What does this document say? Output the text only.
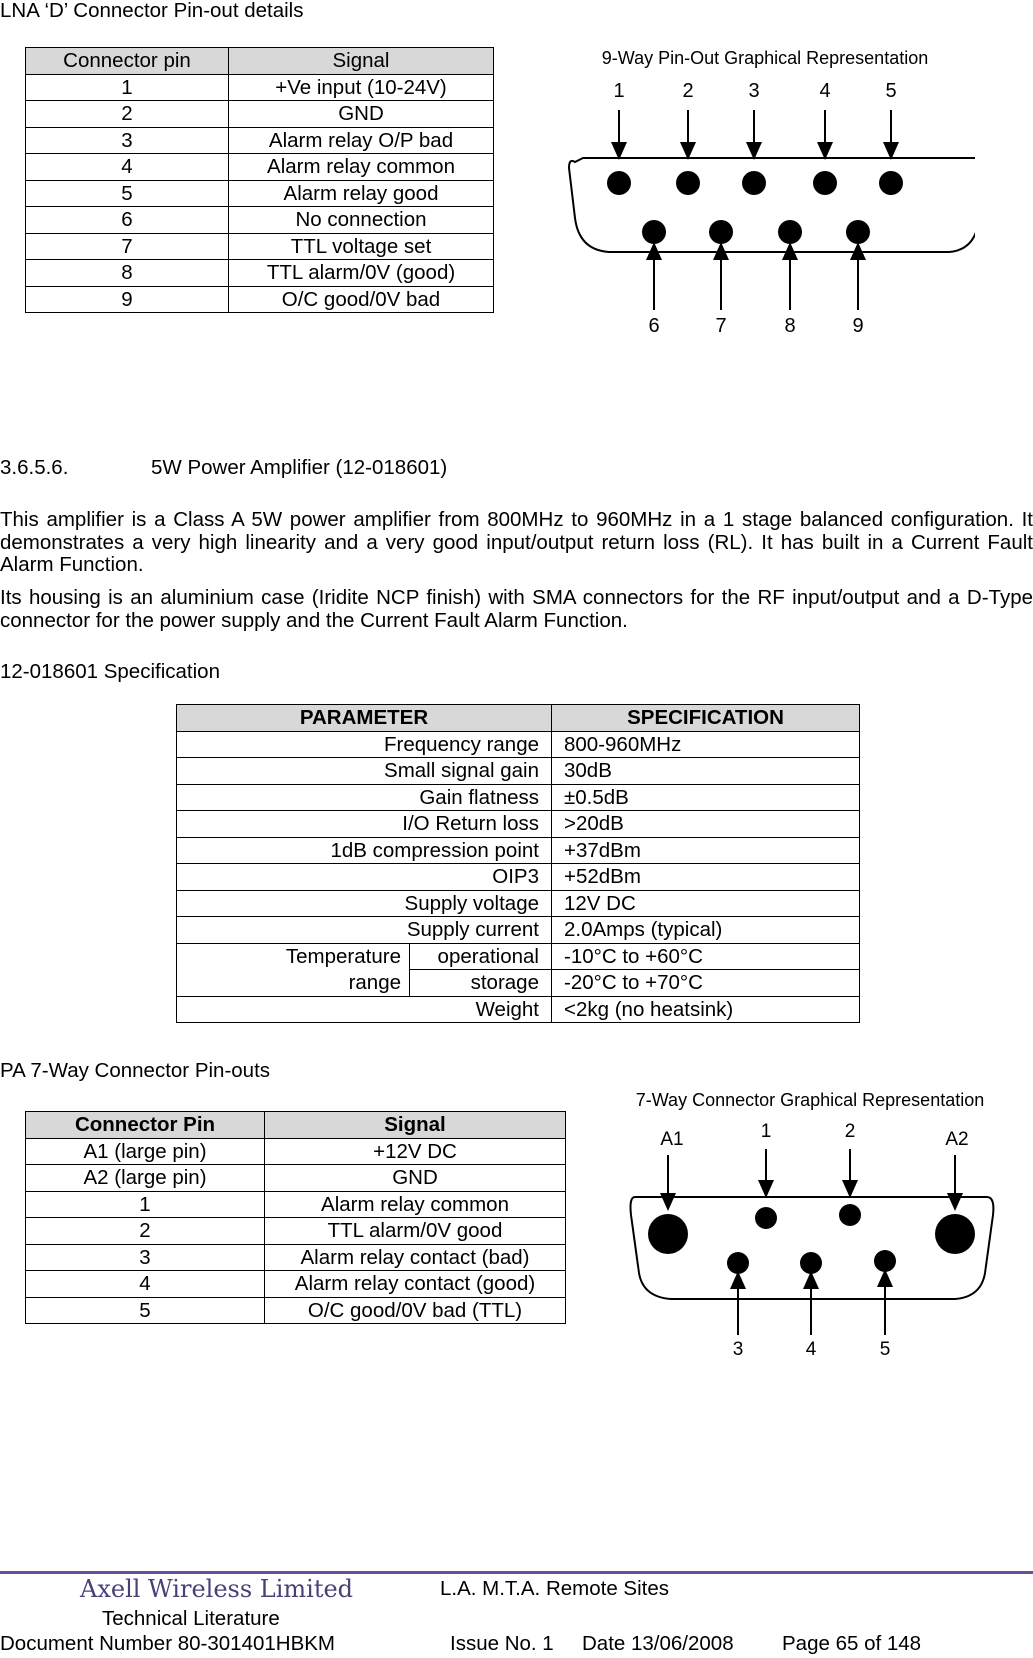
LNA ‘D’ Connector Pin-out details
Connector pin	Signal
1	+Ve input (10-24V)
2	GND
3	Alarm relay O/P bad
4	Alarm relay common
5	Alarm relay good
6	No connection
7	TTL voltage set
8	TTL alarm/0V (good)
9	O/C good/0V bad
9-Way Pin-Out Graphical Representation
1	2	3	4	5
6	7	8	9
3.6.5.6.	5W Power Amplifier (12-018601)
This amplifier is a Class A 5W power amplifier from 800MHz to 960MHz in a 1 stage balanced configuration. It demonstrates a very high linearity and a very good input/output return loss (RL). It has built in a Current Fault Alarm Function.
Its housing is an aluminium case (Iridite NCP finish) with SMA connectors for the RF input/output and a D-Type connector for the power supply and the Current Fault Alarm Function.
12-018601 Specification
PARAMETER		SPECIFICATION
Frequency range		800-960MHz
Small signal gain		30dB
Gain flatness		±0.5dB
I/O Return loss		>20dB
1dB compression point		+37dBm
OIP3		+52dBm
Supply voltage		12V DC
Supply current		2.0Amps (typical)
Temperature range	operational	-10°C to +60°C
	storage	-20°C to +70°C
Weight		<2kg (no heatsink)
PA 7-Way Connector Pin-outs
Connector Pin	Signal
A1 (large pin)	+12V DC
A2 (large pin)	GND
1	Alarm relay common
2	TTL alarm/0V good
3	Alarm relay contact (bad)
4	Alarm relay contact (good)
5	O/C good/0V bad (TTL)
7-Way Connector Graphical Representation
A1	1	2	A2
3	4	5
Axell Wireless Limited	L.A. M.T.A. Remote Sites
Technical Literature
Document Number 80-301401HBKM	Issue No. 1 Date 13/06/2008 Page 65 of 148
